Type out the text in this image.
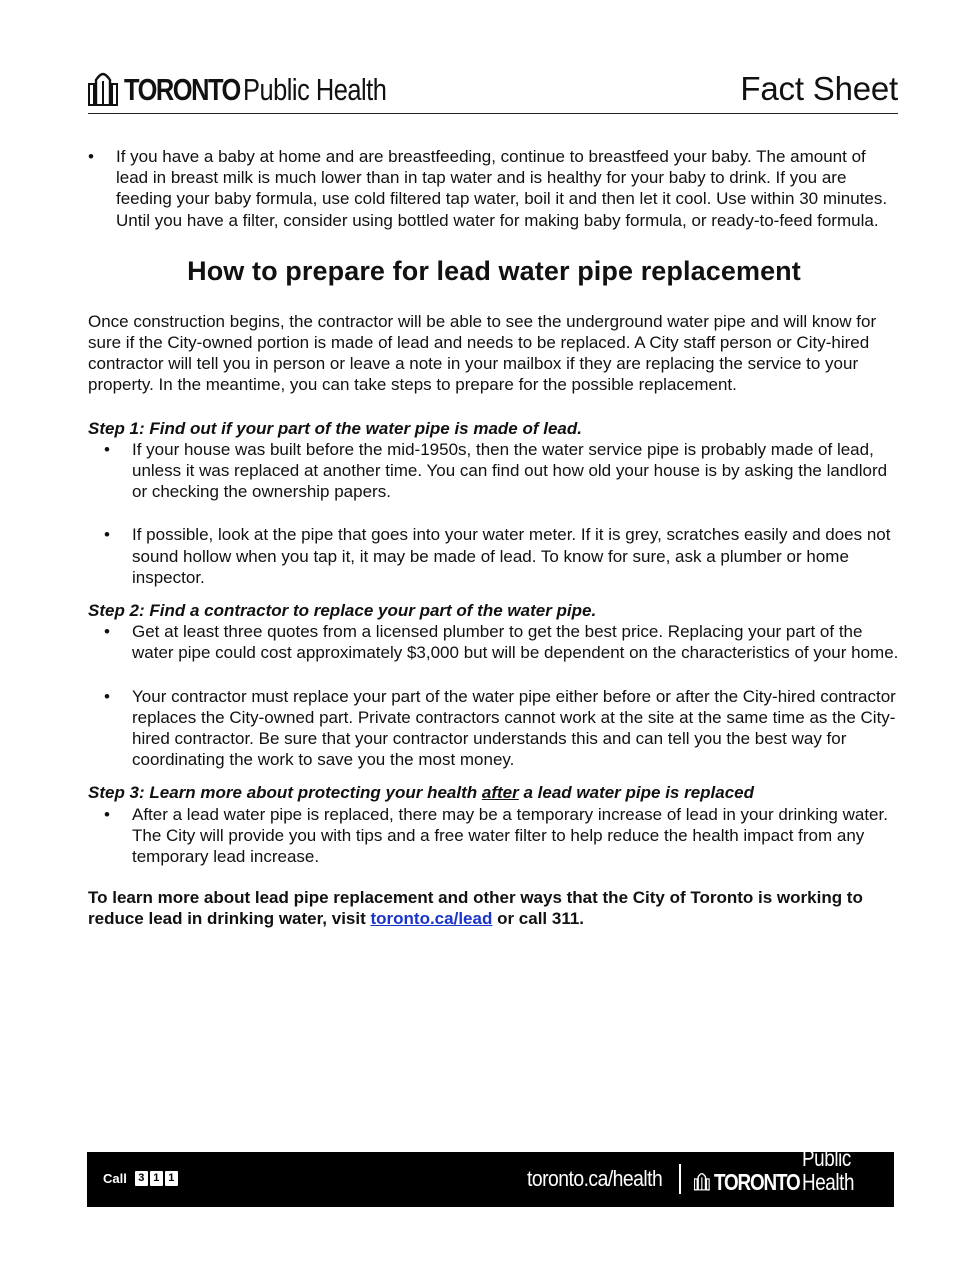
TORONTO Public Health	Fact Sheet
•	If you have a baby at home and are breastfeeding, continue to breastfeed your baby. The amount of lead in breast milk is much lower than in tap water and is healthy for your baby to drink. If you are feeding your baby formula, use cold filtered tap water, boil it and then let it cool. Use within 30 minutes. Until you have a filter, consider using bottled water for making baby formula, or ready-to-feed formula.
How to prepare for lead water pipe replacement

Once construction begins, the contractor will be able to see the underground water pipe and will know for sure if the City-owned portion is made of lead and needs to be replaced. A City staff person or City-hired contractor will tell you in person or leave a note in your mailbox if they are replacing the service to your property. In the meantime, you can take steps to prepare for the possible replacement.

Step 1: Find out if your part of the water pipe is made of lead.
•	If your house was built before the mid-1950s, then the water service pipe is probably made of lead, unless it was replaced at another time. You can find out how old your house is by asking the landlord or checking the ownership papers.
•	If possible, look at the pipe that goes into your water meter. If it is grey, scratches easily and does not sound hollow when you tap it, it may be made of lead. To know for sure, ask a plumber or home inspector.
Step 2: Find a contractor to replace your part of the water pipe.
•	Get at least three quotes from a licensed plumber to get the best price. Replacing your part of the water pipe could cost approximately $3,000 but will be dependent on the characteristics of your home.
•	Your contractor must replace your part of the water pipe either before or after the City-hired contractor replaces the City-owned part. Private contractors cannot work at the site at the same time as the City-hired contractor. Be sure that your contractor understands this and can tell you the best way for coordinating the work to save you the most money.
Step 3: Learn more about protecting your health after a lead water pipe is replaced
•	After a lead water pipe is replaced, there may be a temporary increase of lead in your drinking water. The City will provide you with tips and a free water filter to help reduce the health impact from any temporary lead increase.

To learn more about lead pipe replacement and other ways that the City of Toronto is working to reduce lead in drinking water, visit toronto.ca/lead or call 311.

Call	3 1 1	toronto.ca/health TORONTO
Public Health
